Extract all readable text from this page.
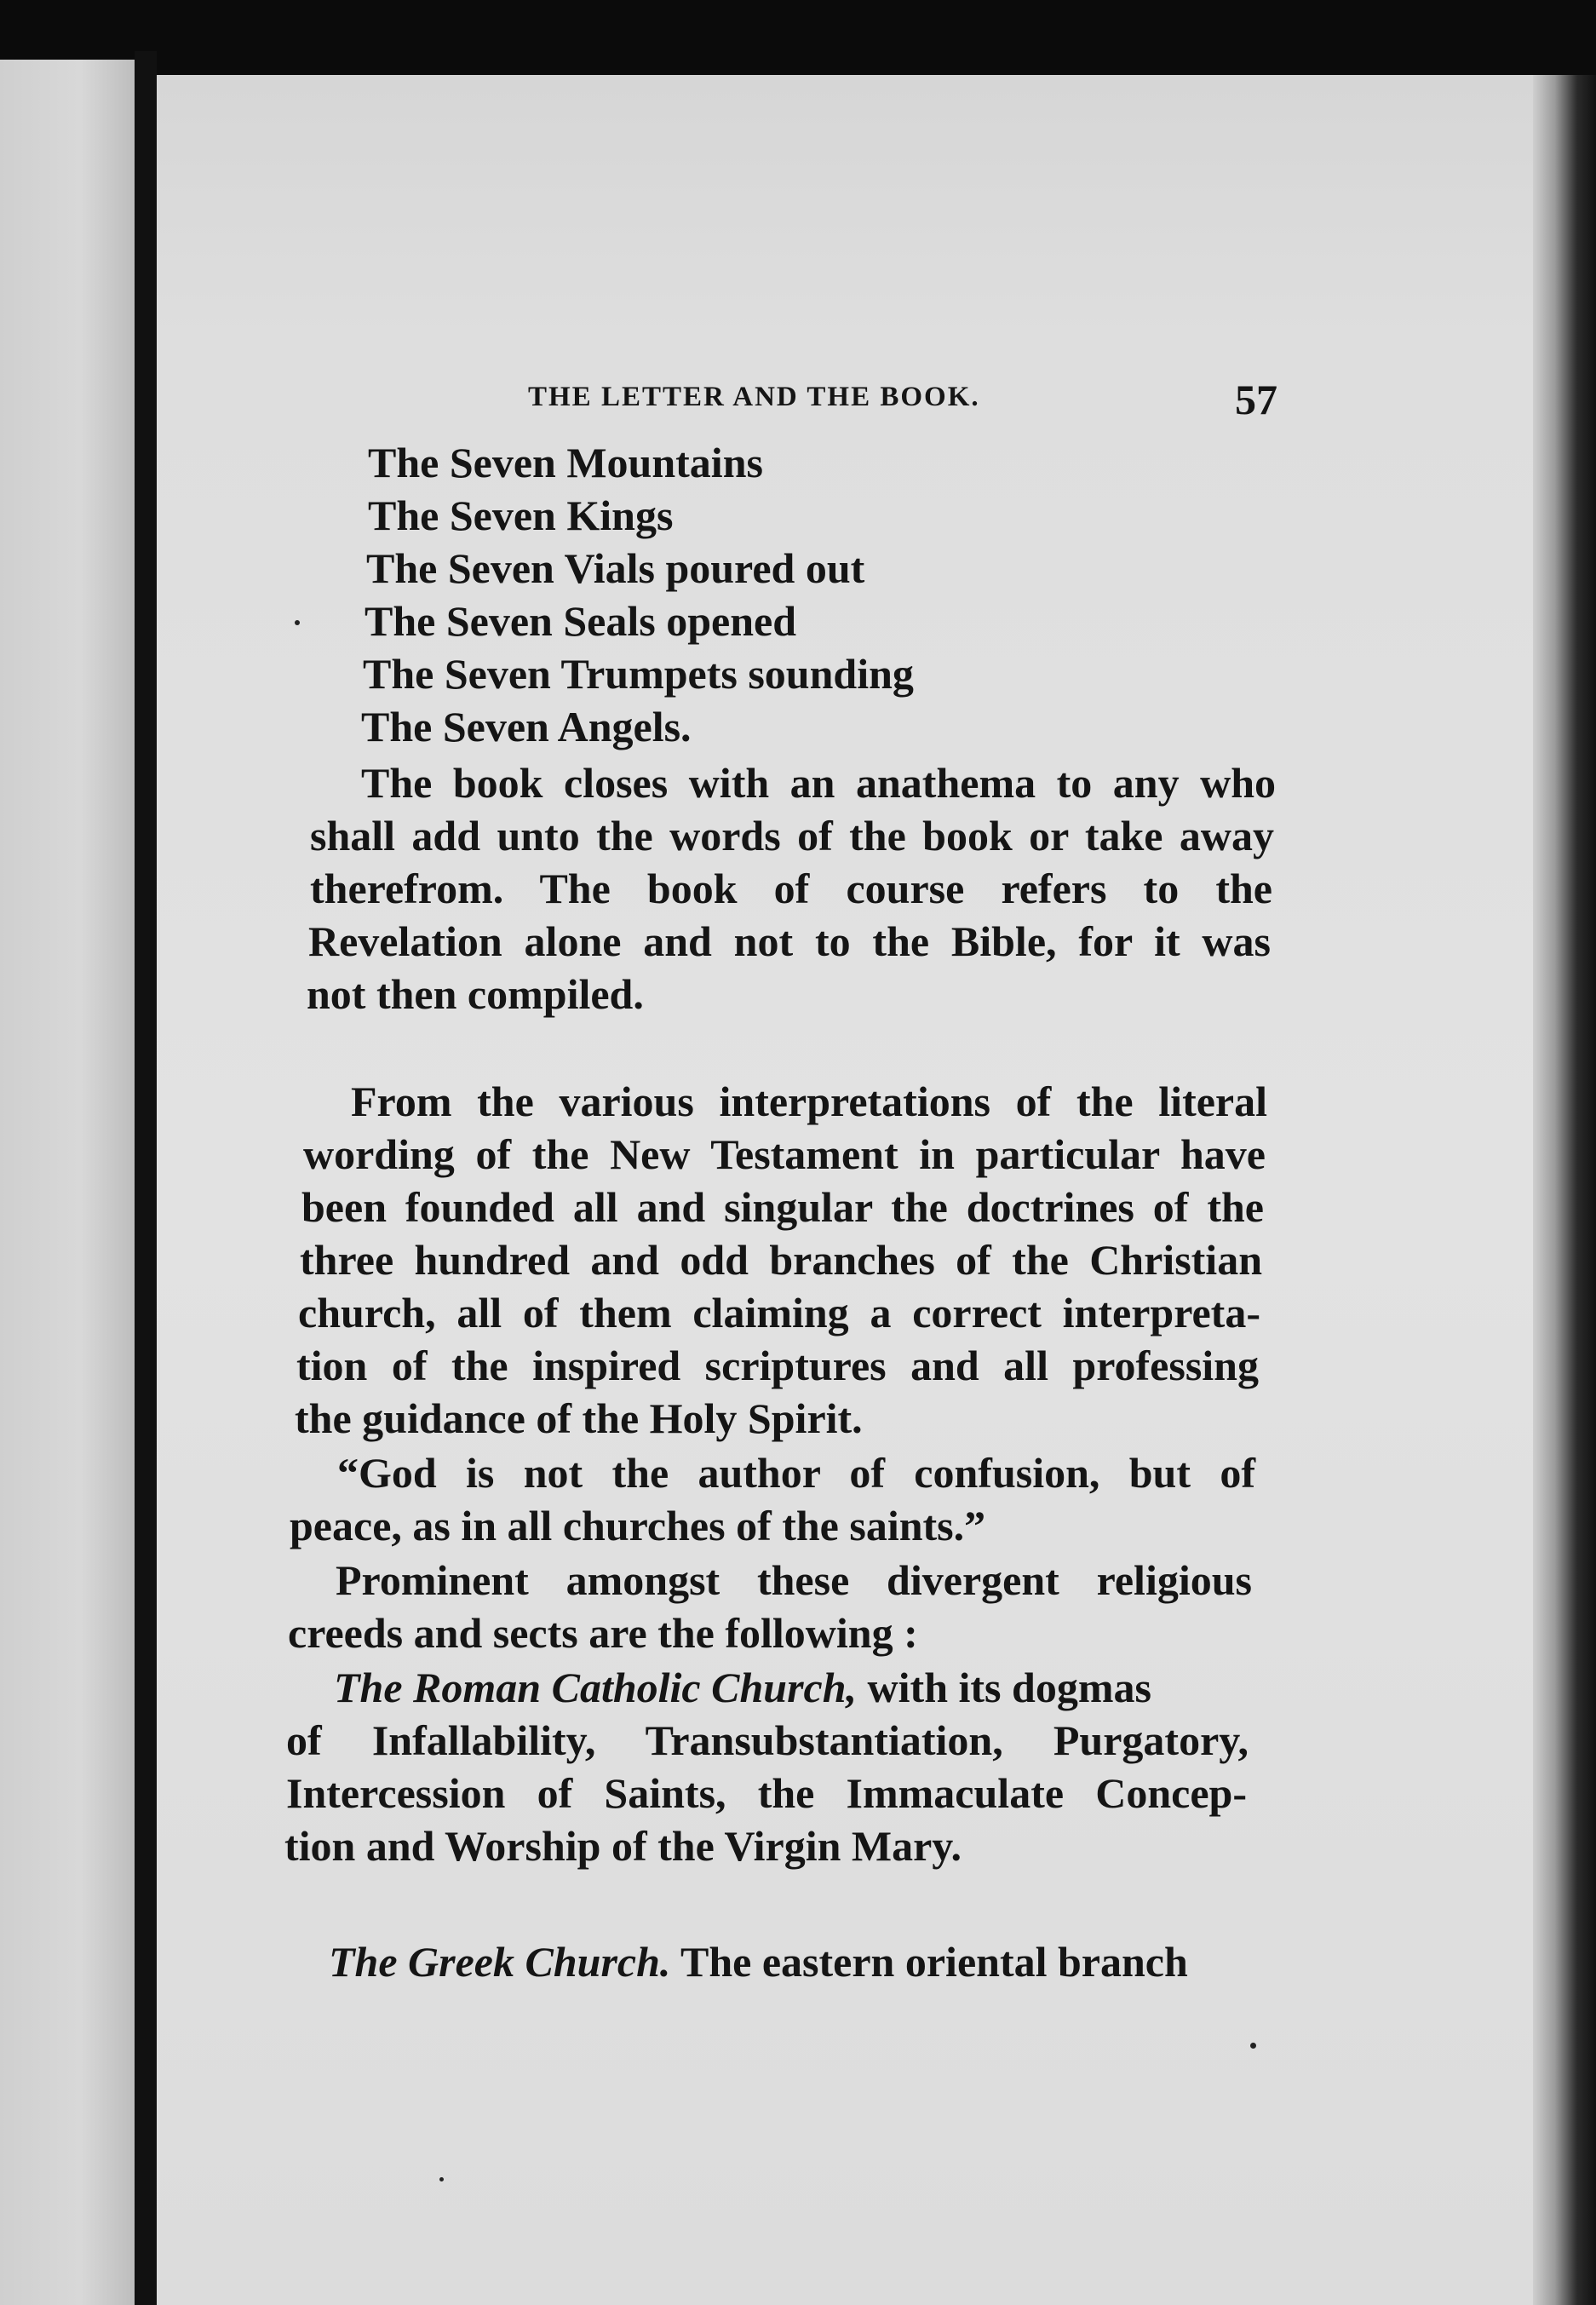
THE LETTER AND THE BOOK.	57
The Seven Mountains
The Seven Kings
The Seven Vials poured out
The Seven Seals opened
The Seven Trumpets sounding
The Seven Angels.
The book closes with an anathema to any who
shall add unto the words of the book or take away
therefrom. The book of course refers to the
Revelation alone and not to the Bible, for it was
not then compiled.
From the various interpretations of the literal
wording of the New Testament in particular have
been founded all and singular the doctrines of the
three hundred and odd branches of the Christian
church, all of them claiming a correct interpreta-
tion of the inspired scriptures and all professing
the guidance of the Holy Spirit.
“God is not the author of confusion, but of
peace, as in all churches of the saints.”
Prominent amongst these divergent religious
creeds and sects are the following :
The Roman Catholic Church, with its dogmas
of Infallability, Transubstantiation, Purgatory,
Intercession of Saints, the Immaculate Concep-
tion and Worship of the Virgin Mary.
The Greek Church. The eastern oriental branch
